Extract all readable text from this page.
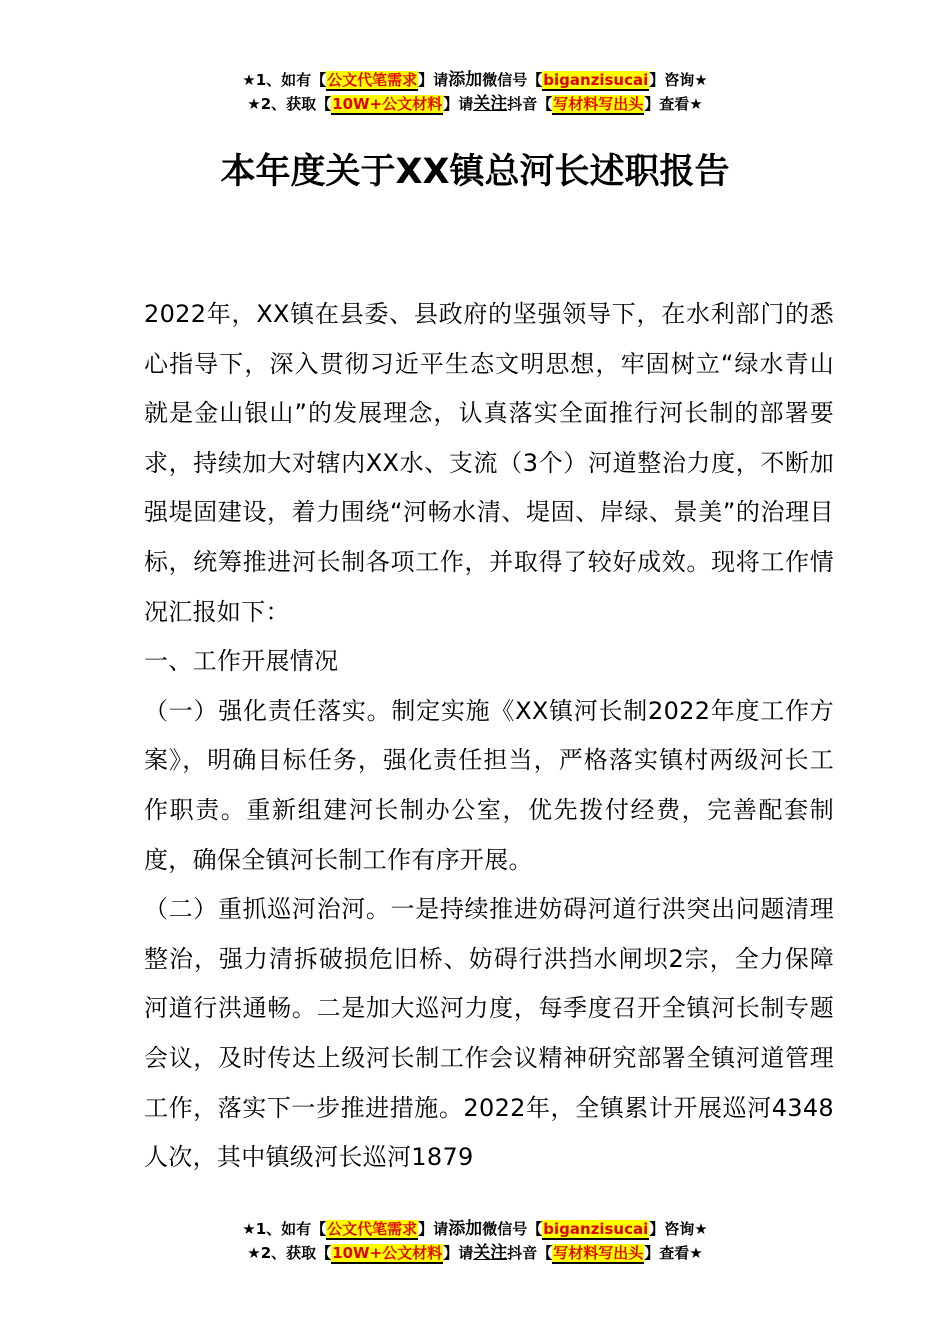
★1、如有【公文代笔需求】请添加微信号【biganzisucai】咨询★
★2、获取【10W+公文材料】请关注抖音【写材料写出头】查看★
本年度关于XX镇总河长述职报告

2022年，XX镇在县委、县政府的坚强领导下，在水利部门的悉心指导下，深入贯彻习近平生态文明思想，牢固树立“绿水青山就是金山银山”的发展理念，认真落实全面推行河长制的部署要求，持续加大对辖内XX水、支流（3个）河道整治力度，不断加强堤固建设，着力围绕“河畅水清、堤固、岸绿、景美”的治理目标，统筹推进河长制各项工作，并取得了较好成效。现将工作情况汇报如下：

一、工作开展情况

（一）强化责任落实。制定实施《XX镇河长制2022年度工作方案》，明确目标任务，强化责任担当，严格落实镇村两级河长工作职责。重新组建河长制办公室，优先拨付经费，完善配套制度，确保全镇河长制工作有序开展。

（二）重抓巡河治河。一是持续推进妨碍河道行洪突出问题清理整治，强力清拆破损危旧桥、妨碍行洪挡水闸坝2宗，全力保障河道行洪通畅。二是加大巡河力度，每季度召开全镇河长制专题会议，及时传达上级河长制工作会议精神研究部署全镇河道管理工作，落实下一步推进措施。2022年，全镇累计开展巡河4348人次，其中镇级河长巡河1879

★1、如有【公文代笔需求】请添加微信号【biganzisucai】咨询★
★2、获取【10W+公文材料】请关注抖音【写材料写出头】查看★
